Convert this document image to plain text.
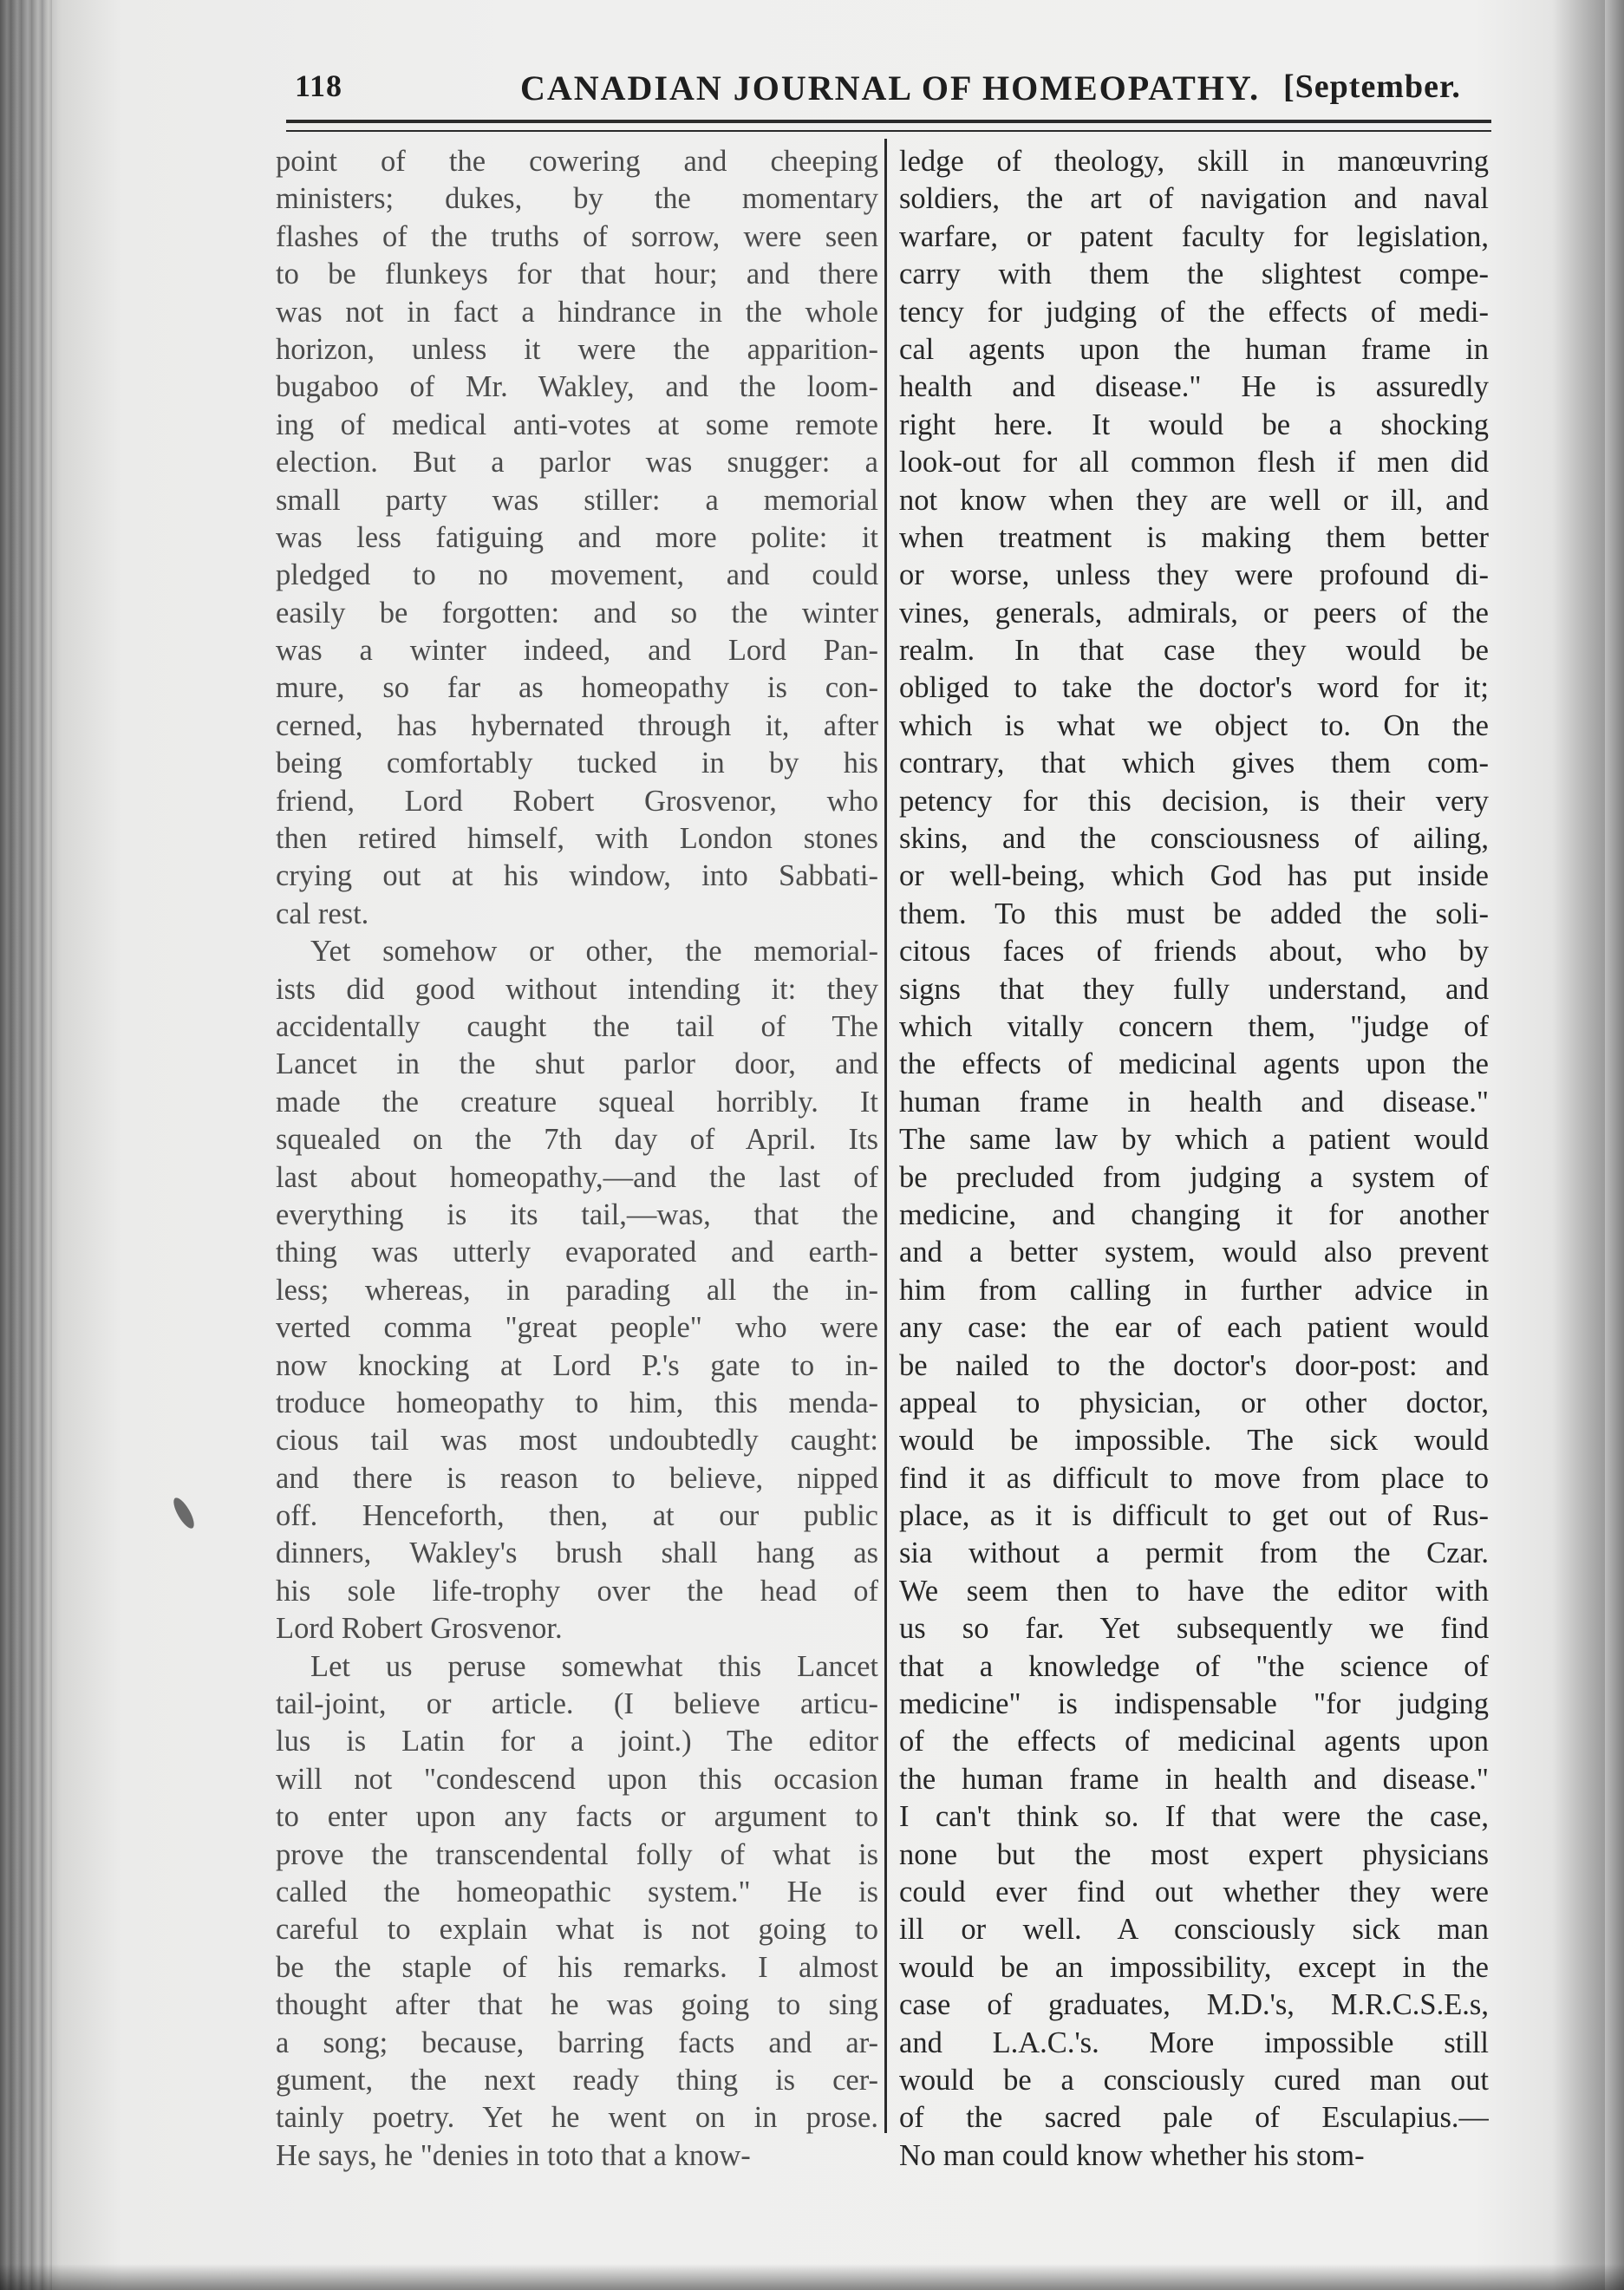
118	CANADIAN JOURNAL OF HOMEOPATHY. [September.
point of the cowering and cheeping
ministers; dukes, by the momentary
flashes of the truths of sorrow, were seen
to be flunkeys for that hour; and there
was not in fact a hindrance in the whole
horizon, unless it were the apparition-
bugaboo of Mr. Wakley, and the loom-
ing of medical anti-votes at some remote
election. But a parlor was snugger: a
small party was stiller: a memorial
was less fatiguing and more polite: it
pledged to no movement, and could
easily be forgotten: and so the winter
was a winter indeed, and Lord Pan-
mure, so far as homeopathy is con-
cerned, has hybernated through it, after
being comfortably tucked in by his
friend, Lord Robert Grosvenor, who
then retired himself, with London stones
crying out at his window, into Sabbati-
cal rest.
Yet somehow or other, the memorial-
ists did good without intending it: they
accidentally caught the tail of The
Lancet in the shut parlor door, and
made the creature squeal horribly. It
squealed on the 7th day of April. Its
last about homeopathy,—and the last of
everything is its tail,—was, that the
thing was utterly evaporated and earth-
less; whereas, in parading all the in-
verted comma "great people" who were
now knocking at Lord P.'s gate to in-
troduce homeopathy to him, this menda-
cious tail was most undoubtedly caught:
and there is reason to believe, nipped
off. Henceforth, then, at our public
dinners, Wakley's brush shall hang as
his sole life-trophy over the head of
Lord Robert Grosvenor.
Let us peruse somewhat this Lancet
tail-joint, or article. (I believe articu-
lus is Latin for a joint.) The editor
will not "condescend upon this occasion
to enter upon any facts or argument to
prove the transcendental folly of what is
called the homeopathic system." He is
careful to explain what is not going to
be the staple of his remarks. I almost
thought after that he was going to sing
a song; because, barring facts and ar-
gument, the next ready thing is cer-
tainly poetry. Yet he went on in prose.
He says, he "denies in toto that a know-
ledge of theology, skill in manœuvring
soldiers, the art of navigation and naval
warfare, or patent faculty for legislation,
carry with them the slightest compe-
tency for judging of the effects of medi-
cal agents upon the human frame in
health and disease." He is assuredly
right here. It would be a shocking
look-out for all common flesh if men did
not know when they are well or ill, and
when treatment is making them better
or worse, unless they were profound di-
vines, generals, admirals, or peers of the
realm. In that case they would be
obliged to take the doctor's word for it;
which is what we object to. On the
contrary, that which gives them com-
petency for this decision, is their very
skins, and the consciousness of ailing,
or well-being, which God has put inside
them. To this must be added the soli-
citous faces of friends about, who by
signs that they fully understand, and
which vitally concern them, "judge of
the effects of medicinal agents upon the
human frame in health and disease."
The same law by which a patient would
be precluded from judging a system of
medicine, and changing it for another
and a better system, would also prevent
him from calling in further advice in
any case: the ear of each patient would
be nailed to the doctor's door-post: and
appeal to physician, or other doctor,
would be impossible. The sick would
find it as difficult to move from place to
place, as it is difficult to get out of Rus-
sia without a permit from the Czar.
We seem then to have the editor with
us so far. Yet subsequently we find
that a knowledge of "the science of
medicine" is indispensable "for judging
of the effects of medicinal agents upon
the human frame in health and disease."
I can't think so. If that were the case,
none but the most expert physicians
could ever find out whether they were
ill or well. A consciously sick man
would be an impossibility, except in the
case of graduates, M.D.'s, M.R.C.S.E.s,
and L.A.C.'s. More impossible still
would be a consciously cured man out
of the sacred pale of Esculapius.—
No man could know whether his stom-
